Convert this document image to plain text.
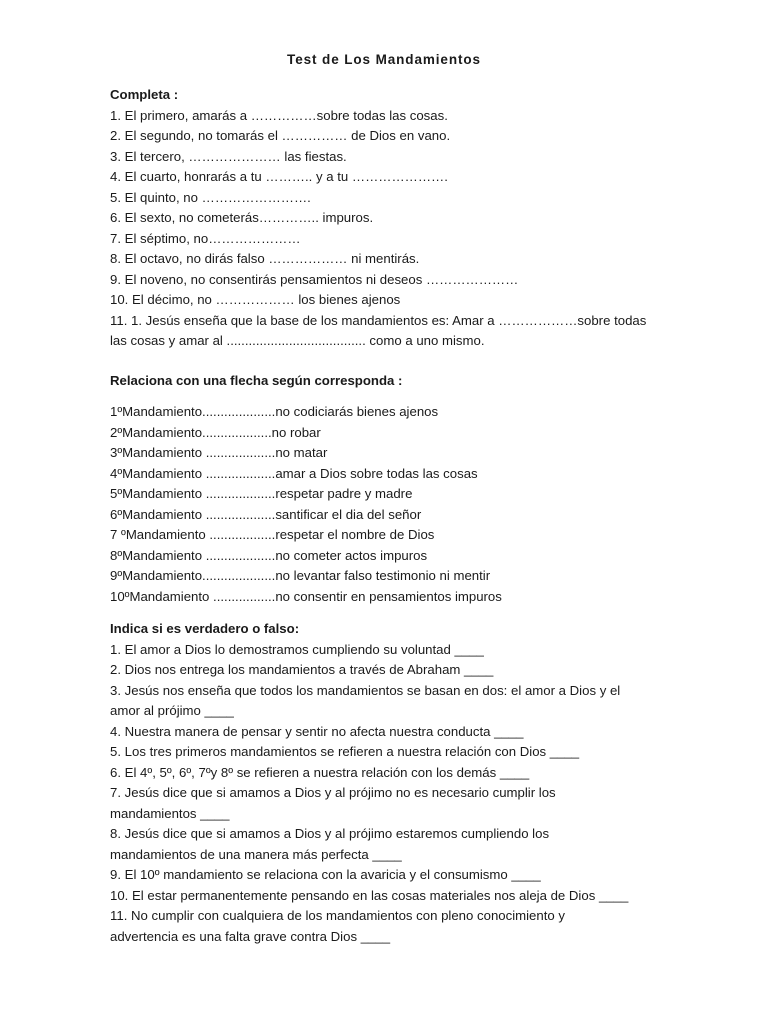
Test de Los Mandamientos
Completa :
1. El primero, amarás a ……………sobre todas las cosas.
2. El segundo, no tomarás el …………… de Dios en vano.
3. El tercero, ………………… las fiestas.
4. El cuarto, honrarás a tu ……….. y a tu ………………….
5. El quinto, no …………………….
6. El sexto, no cometerás………….. impuros.
7. El séptimo, no…………………
8. El octavo, no dirás falso ……………… ni mentirás.
9. El noveno, no consentirás pensamientos ni deseos …………………
10. El décimo, no ……………… los bienes ajenos
11. 1. Jesús enseña que la base de los mandamientos es: Amar a ………………sobre todas
las cosas y amar al ...................................... como a uno mismo.
Relaciona con una flecha según corresponda :
1ºMandamiento....................no codiciarás bienes ajenos
2ºMandamiento...................no robar
3ºMandamiento ...................no matar
4ºMandamiento ...................amar a Dios sobre todas las cosas
5ºMandamiento ...................respetar padre y madre
6ºMandamiento ...................santificar el dia del señor
7 ºMandamiento ..................respetar el nombre de Dios
8ºMandamiento ...................no cometer actos impuros
9ºMandamiento....................no levantar falso testimonio ni mentir
10ºMandamiento .................no consentir en pensamientos impuros
Indica si es verdadero o falso:
1. El amor a Dios lo demostramos cumpliendo su voluntad ____
2. Dios nos entrega los mandamientos a través de Abraham ____
3. Jesús nos enseña que todos los mandamientos se basan en dos: el amor a Dios y el
amor al prójimo ____
4. Nuestra manera de pensar y sentir no afecta nuestra conducta ____
5. Los tres primeros mandamientos se refieren a nuestra relación con Dios ____
6. El 4º, 5º, 6º, 7ºy 8º se refieren a nuestra relación con los demás ____
7. Jesús dice que si amamos a Dios y al prójimo no es necesario cumplir los
mandamientos ____
8. Jesús dice que si amamos a Dios y al prójimo estaremos cumpliendo los
mandamientos de una manera más perfecta ____
9. El 10º mandamiento se relaciona con la avaricia y el consumismo ____
10. El estar permanentemente pensando en las cosas materiales nos aleja de Dios ____
11. No cumplir con cualquiera de los mandamientos con pleno conocimiento y
advertencia es una falta grave contra Dios ____
